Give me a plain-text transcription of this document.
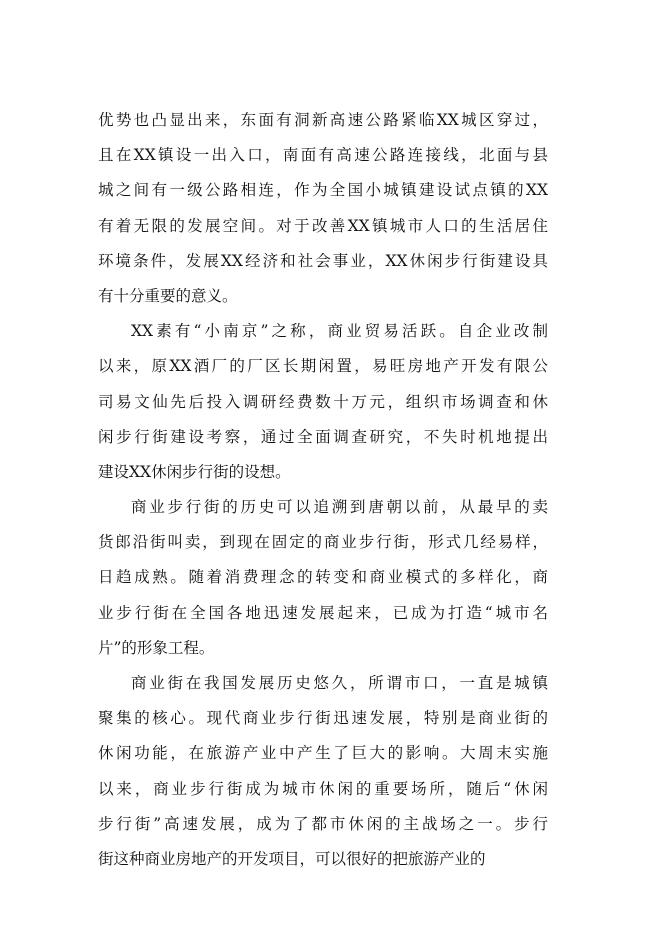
优势也凸显出来，东面有洞新高速公路紧临XX城区穿过，
且在XX镇设一出入口，南面有高速公路连接线，北面与县
城之间有一级公路相连，作为全国小城镇建设试点镇的XX
有着无限的发展空间。对于改善XX镇城市人口的生活居住
环境条件，发展XX经济和社会事业，XX休闲步行街建设具
有十分重要的意义。
XX素有“小南京”之称，商业贸易活跃。自企业改制
以来，原XX酒厂的厂区长期闲置，易旺房地产开发有限公
司易文仙先后投入调研经费数十万元，组织市场调查和休
闲步行街建设考察，通过全面调查研究，不失时机地提出
建设XX休闲步行街的设想。
商业步行街的历史可以追溯到唐朝以前，从最早的卖
货郎沿街叫卖，到现在固定的商业步行街，形式几经易样，
日趋成熟。随着消费理念的转变和商业模式的多样化，商
业步行街在全国各地迅速发展起来，已成为打造“城市名
片”的形象工程。
商业街在我国发展历史悠久，所谓市口，一直是城镇
聚集的核心。现代商业步行街迅速发展，特别是商业街的
休闲功能，在旅游产业中产生了巨大的影响。大周末实施
以来，商业步行街成为城市休闲的重要场所，随后“休闲
步行街”高速发展，成为了都市休闲的主战场之一。步行
街这种商业房地产的开发项目，可以很好的把旅游产业的
